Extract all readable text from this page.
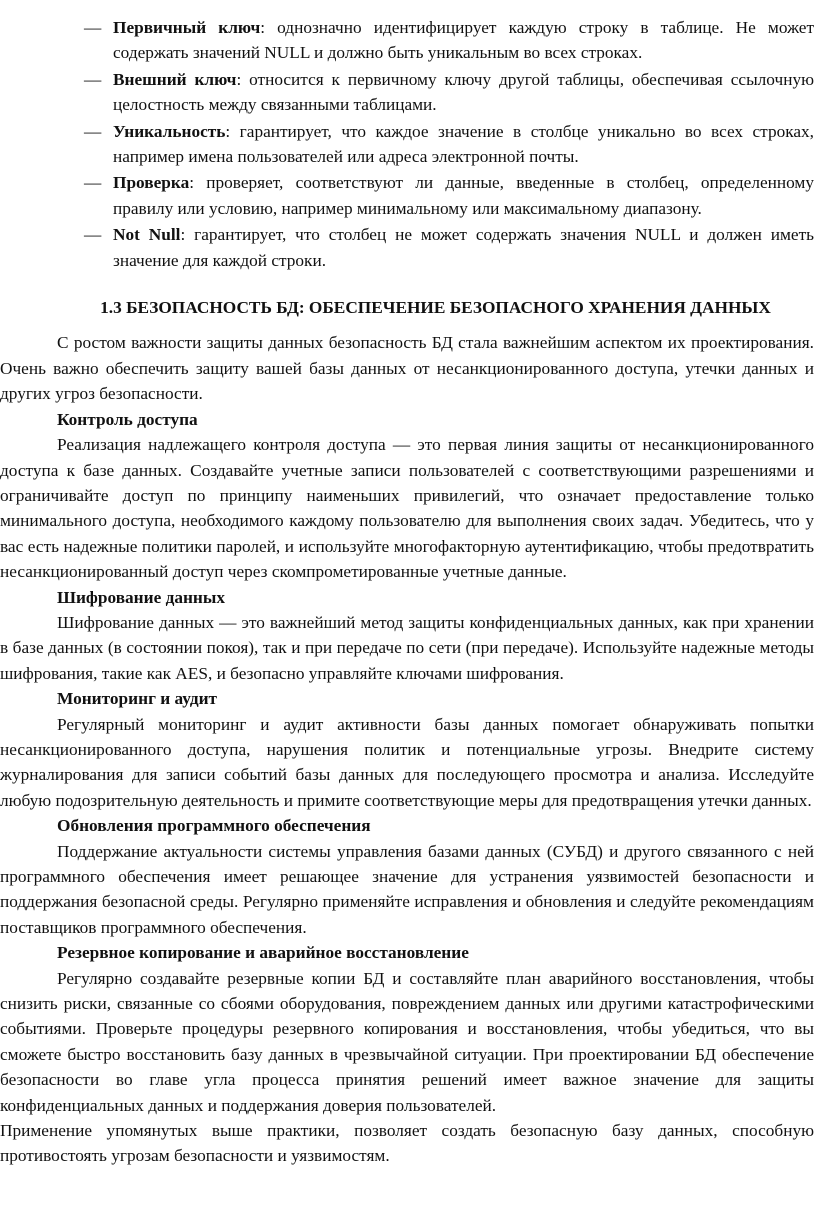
— Первичный ключ: однозначно идентифицирует каждую строку в таблице. Не может содержать значений NULL и должно быть уникальным во всех строках.
— Внешний ключ: относится к первичному ключу другой таблицы, обеспечивая ссылочную целостность между связанными таблицами.
— Уникальность: гарантирует, что каждое значение в столбце уникально во всех строках, например имена пользователей или адреса электронной почты.
— Проверка: проверяет, соответствуют ли данные, введенные в столбец, определенному правилу или условию, например минимальному или максимальному диапазону.
— Not Null: гарантирует, что столбец не может содержать значения NULL и должен иметь значение для каждой строки.
1.3 БЕЗОПАСНОСТЬ БД: ОБЕСПЕЧЕНИЕ БЕЗОПАСНОГО ХРАНЕНИЯ ДАННЫХ

С ростом важности защиты данных безопасность БД стала важнейшим аспектом их проектирования. Очень важно обеспечить защиту вашей базы данных от несанкционированного доступа, утечки данных и других угроз безопасности.

Контроль доступа

Реализация надлежащего контроля доступа — это первая линия защиты от несанкционированного доступа к базе данных. Создавайте учетные записи пользователей с соответствующими разрешениями и ограничивайте доступ по принципу наименьших привилегий, что означает предоставление только минимального доступа, необходимого каждому пользователю для выполнения своих задач. Убедитесь, что у вас есть надежные политики паролей, и используйте многофакторную аутентификацию, чтобы предотвратить несанкционированный доступ через скомпрометированные учетные данные.

Шифрование данных

Шифрование данных — это важнейший метод защиты конфиденциальных данных, как при хранении в базе данных (в состоянии покоя), так и при передаче по сети (при передаче). Используйте надежные методы шифрования, такие как AES, и безопасно управляйте ключами шифрования.

Мониторинг и аудит

Регулярный мониторинг и аудит активности базы данных помогает обнаруживать попытки несанкционированного доступа, нарушения политик и потенциальные угрозы. Внедрите систему журналирования для записи событий базы данных для последующего просмотра и анализа. Исследуйте любую подозрительную деятельность и примите соответствующие меры для предотвращения утечки данных.

Обновления программного обеспечения

Поддержание актуальности системы управления базами данных (СУБД) и другого связанного с ней программного обеспечения имеет решающее значение для устранения уязвимостей безопасности и поддержания безопасной среды. Регулярно применяйте исправления и обновления и следуйте рекомендациям поставщиков программного обеспечения.

Резервное копирование и аварийное восстановление

Регулярно создавайте резервные копии БД и составляйте план аварийного восстановления, чтобы снизить риски, связанные со сбоями оборудования, повреждением данных или другими катастрофическими событиями. Проверьте процедуры резервного копирования и восстановления, чтобы убедиться, что вы сможете быстро восстановить базу данных в чрезвычайной ситуации. При проектировании БД обеспечение безопасности во главе угла процесса принятия решений имеет важное значение для защиты конфиденциальных данных и поддержания доверия пользователей.

Применение упомянутых выше практики, позволяет создать безопасную базу данных, способную противостоять угрозам безопасности и уязвимостям.
